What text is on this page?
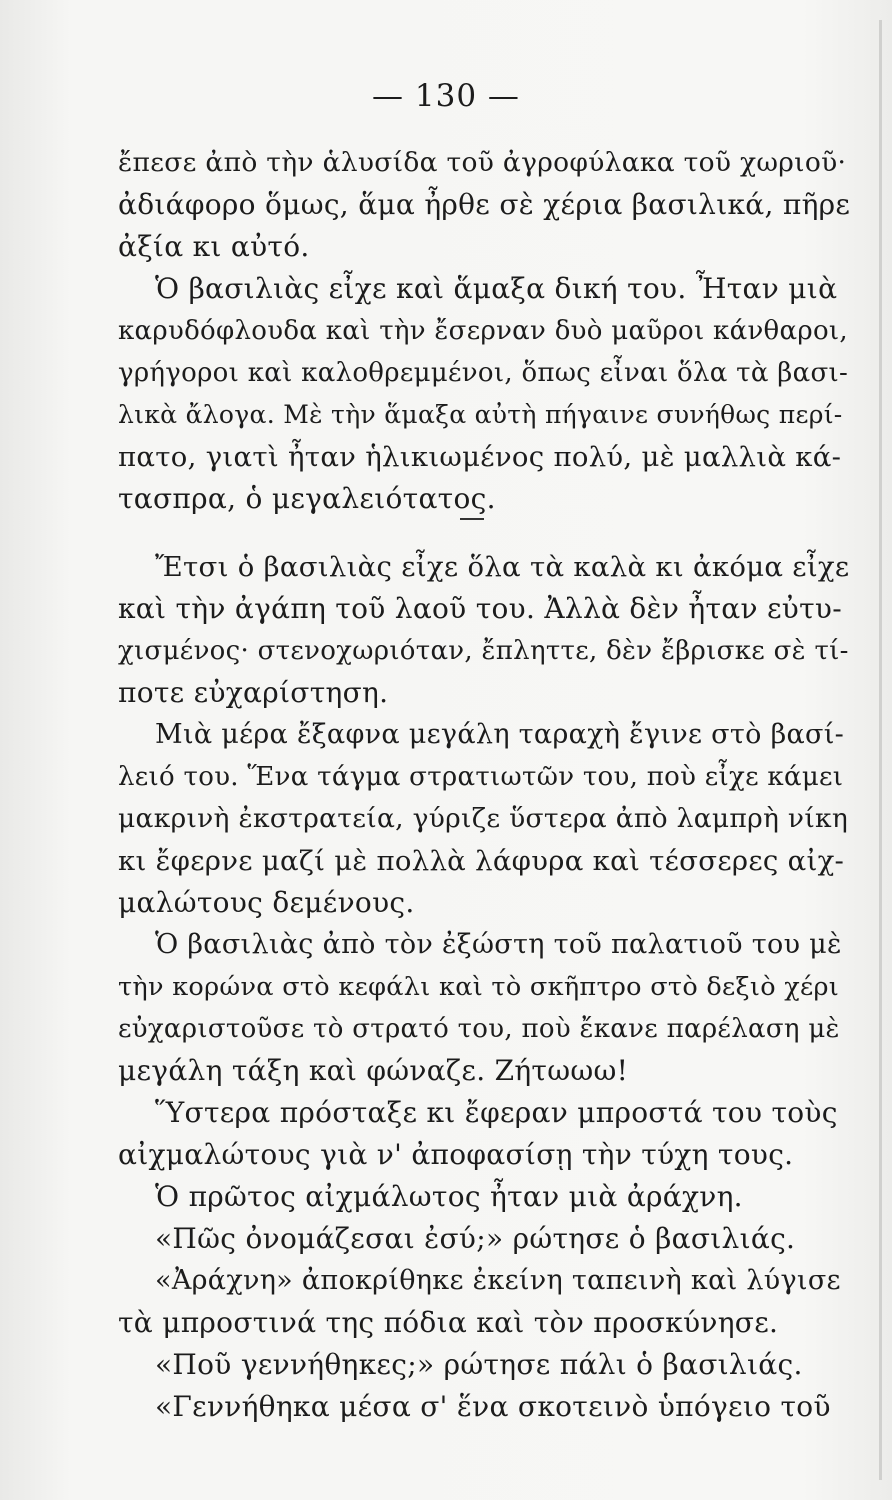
— 130 —
ἔπεσε ἀπὸ τὴν ἁλυσίδα τοῦ ἀγροφύλακα τοῦ χωριοῦ·
ἀδιάφορο ὅμως, ἅμα ἦρθε σὲ χέρια βασιλικά, πῆρε
ἀξία κι αὐτό.
Ὁ βασιλιὰς εἶχε καὶ ἅμαξα δική του. Ἦταν μιὰ
καρυδόφλουδα καὶ τὴν ἔσερναν δυὸ μαῦροι κάνθαροι,
γρήγοροι καὶ καλοθρεμμένοι, ὅπως εἶναι ὅλα τὰ βασι-
λικὰ ἄλογα. Μὲ τὴν ἅμαξα αὐτὴ πήγαινε συνήθως περί-
πατο, γιατὶ ἦταν ἡλικιωμένος πολύ, μὲ μαλλιὰ κά-
τασπρα, ὁ μεγαλειότατος.
Ἔτσι ὁ βασιλιὰς εἶχε ὅλα τὰ καλὰ κι ἀκόμα εἶχε
καὶ τὴν ἀγάπη τοῦ λαοῦ του. Ἀλλὰ δὲν ἦταν εὐτυ-
χισμένος· στενοχωριόταν, ἔπληττε, δὲν ἔβρισκε σὲ τί-
ποτε εὐχαρίστηση.
Μιὰ μέρα ἔξαφνα μεγάλη ταραχὴ ἔγινε στὸ βασί-
λειό του. Ἕνα τάγμα στρατιωτῶν του, ποὺ εἶχε κάμει
μακρινὴ ἐκστρατεία, γύριζε ὕστερα ἀπὸ λαμπρὴ νίκη
κι ἔφερνε μαζί μὲ πολλὰ λάφυρα καὶ τέσσερες αἰχ-
μαλώτους δεμένους.
Ὁ βασιλιὰς ἀπὸ τὸν ἐξώστη τοῦ παλατιοῦ του μὲ
τὴν κορώνα στὸ κεφάλι καὶ τὸ σκῆπτρο στὸ δεξιὸ χέρι
εὐχαριστοῦσε τὸ στρατό του, ποὺ ἔκανε παρέλαση μὲ
μεγάλη τάξη καὶ φώναζε. Ζήτωωω!
Ὕστερα πρόσταξε κι ἔφεραν μπροστά του τοὺς
αἰχμαλώτους γιὰ ν' ἀποφασίσῃ τὴν τύχη τους.
Ὁ πρῶτος αἰχμάλωτος ἦταν μιὰ ἀράχνη.
«Πῶς ὀνομάζεσαι ἐσύ;» ρώτησε ὁ βασιλιάς.
«Ἀράχνη» ἀποκρίθηκε ἐκείνη ταπεινὴ καὶ λύγισε
τὰ μπροστινά της πόδια καὶ τὸν προσκύνησε.
«Ποῦ γεννήθηκες;» ρώτησε πάλι ὁ βασιλιάς.
«Γεννήθηκα μέσα σ' ἕνα σκοτεινὸ ὑπόγειο τοῦ
